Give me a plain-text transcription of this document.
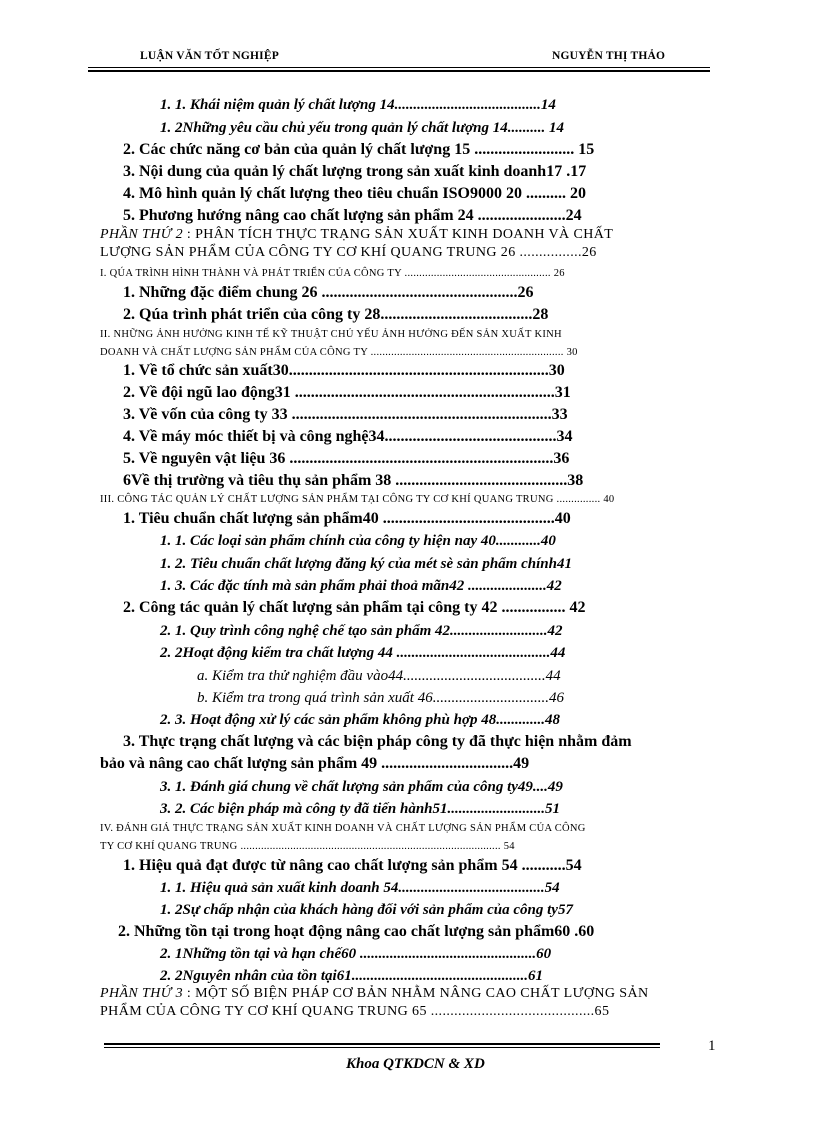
LUẬN VĂN TỐT NGHIỆP	NGUYỄN THỊ THẢO
1. 1. Khái niệm quản lý chất lượng 14.......................................14
1. 2Những yêu cầu chủ yếu trong quản lý chất lượng 14.......... 14
2. Các chức năng cơ bản của quản lý chất lượng 15 ......................... 15
3. Nội dung của quản lý chất lượng trong sản xuất kinh doanh17 .17
4. Mô hình quản lý chất lượng theo tiêu chuẩn ISO9000 20 .......... 20
5. Phương hướng nâng cao chất lượng sản phẩm 24 ......................24
PHẦN THỨ 2 : PHÂN TÍCH THỰC TRẠNG SẢN XUẤT KINH DOANH VÀ CHẤT
LƯỢNG SẢN PHẨM CỦA CÔNG TY CƠ KHÍ QUANG TRUNG 26 ................26
I. QÚA TRÌNH HÌNH THÀNH VÀ PHÁT TRIỂN CỦA CÔNG TY .................................................. 26
1. Những đặc điểm chung 26 .................................................26
2. Qúa trình phát triển của công ty 28......................................28
II. NHỮNG ẢNH HƯỞNG KINH TẾ KỸ THUẬT CHỦ YẾU ẢNH HƯỞNG ĐẾN SẢN XUẤT KINH
DOANH VÀ CHẤT LƯỢNG SẢN PHẨM CỦA CÔNG TY .................................................................. 30
1. Về tổ chức sản xuất30.................................................................30
2. Về đội ngũ lao động31 .................................................................31
3. Về vốn của công ty 33 .................................................................33
4. Về máy móc thiết bị và công nghệ34...........................................34
5. Về nguyên vật liệu 36 ..................................................................36
6Về thị trường và tiêu thụ sản phẩm 38 ...........................................38
III. CÔNG TÁC QUẢN LÝ CHẤT LƯỢNG SẢN PHẨM TẠI CÔNG TY CƠ KHÍ QUANG TRUNG ............... 40
1. Tiêu chuẩn chất lượng sản phẩm40 ...........................................40
1. 1. Các loại sản phẩm chính của công ty hiện nay 40............40
1. 2. Tiêu chuẩn chất lượng đăng ký của mét sè sản phẩm chính41
1. 3. Các đặc tính mà sản phẩm phải thoả mãn42 .....................42
2. Công tác quản lý chất lượng sản phẩm tại công ty 42 ................ 42
2. 1. Quy trình công nghệ chế tạo sản phẩm 42..........................42
2. 2Hoạt động kiểm tra chất lượng 44 .........................................44
a. Kiểm tra thử nghiệm đầu vào44......................................44
b. Kiểm tra trong quá trình sản xuất 46...............................46
2. 3. Hoạt động xử lý các sản phẩm không phù hợp 48.............48
3. Thực trạng chất lượng và các biện pháp công ty đã thực hiện nhằm đảm
bảo và nâng cao chất lượng sản phẩm 49 .................................49
3. 1. Đánh giá chung về chất lượng sản phẩm của công ty49....49
3. 2. Các biện pháp mà công ty đã tiến hành51..........................51
IV. ĐÁNH GIÁ THỰC TRẠNG SẢN XUẤT KINH DOANH VÀ CHẤT LƯỢNG SẢN PHẨM CỦA CÔNG
TY CƠ KHÍ QUANG TRUNG ......................................................................................... 54
1. Hiệu quả đạt được từ nâng cao chất lượng sản phẩm 54 ...........54
1. 1. Hiệu quả sản xuất kinh doanh 54.......................................54
1. 2Sự chấp nhận của khách hàng đối với sản phẩm của công ty57
2. Những tồn tại trong hoạt động nâng cao chất lượng sản phẩm60 .60
2. 1Những tồn tại và hạn chế60 ...............................................60
2. 2Nguyên nhân của tồn tại61...............................................61
PHẦN THỨ 3 : MỘT SỐ BIỆN PHÁP CƠ BẢN NHẰM NÂNG CAO CHẤT LƯỢNG SẢN
PHẨM CỦA CÔNG TY CƠ KHÍ QUANG TRUNG 65 ..........................................65
1
Khoa QTKDCN & XD
